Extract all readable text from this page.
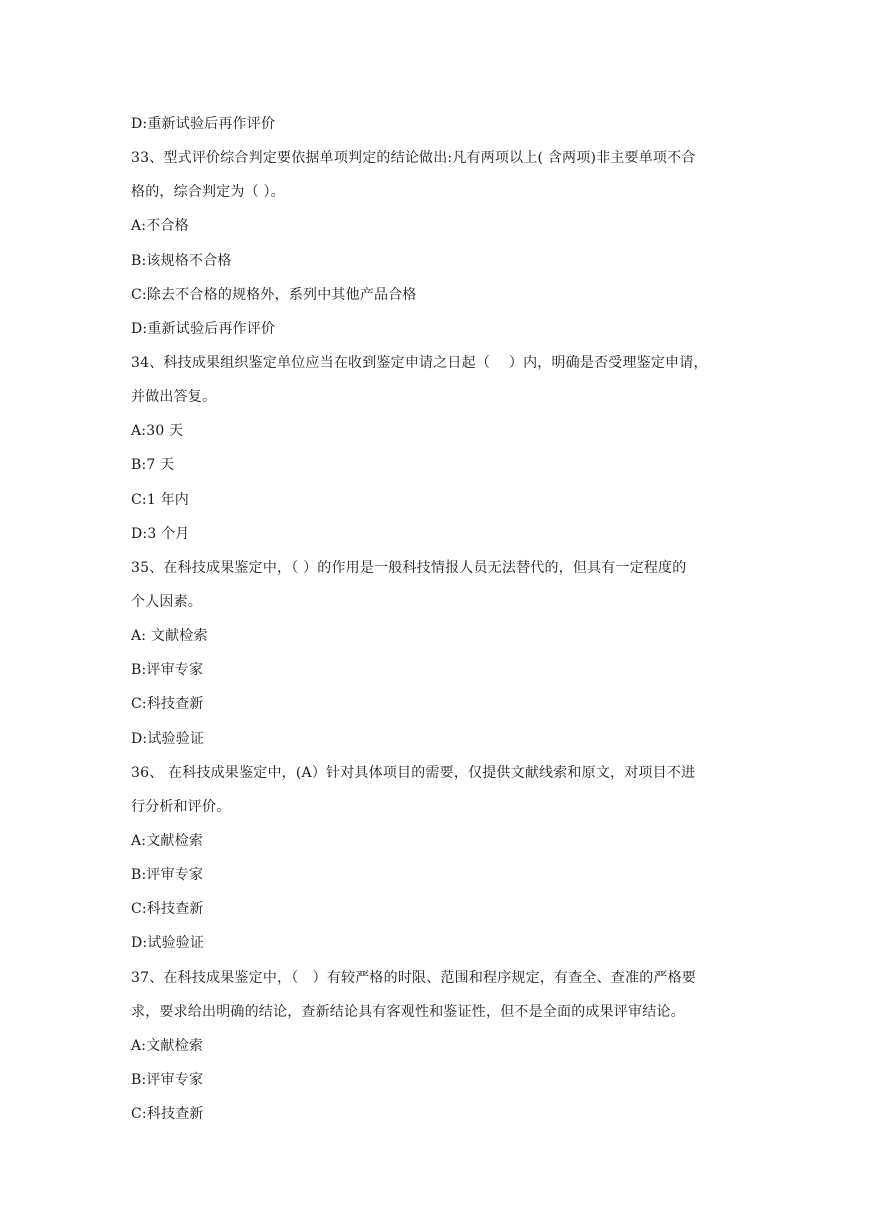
D:重新试验后再作评价
33、型式评价综合判定要依据单项判定的结论做出:凡有两项以上( 含两项)非主要单项不合
格的，综合判定为（ ）。
A:不合格
B:该规格不合格
C:除去不合格的规格外，系列中其他产品合格
D:重新试验后再作评价
34、科技成果组织鉴定单位应当在收到鉴定申请之日起（　 ）内，明确是否受理鉴定申请，
并做出答复。
A:30 天
B:7 天
C:1 年内
D:3 个月
35、在科技成果鉴定中，（ ）的作用是一般科技情报人员无法替代的，但具有一定程度的
个人因素。
A: 文献检索
B:评审专家
C:科技查新
D:试验验证
36、 在科技成果鉴定中，(A）针对具体项目的需要，仅提供文献线索和原文，对项目不进
行分析和评价。
A:文献检索
B:评审专家
C:科技查新
D:试验验证
37、在科技成果鉴定中，（　）有较严格的时限、范围和程序规定，有查全、查准的严格要
求，要求给出明确的结论，查新结论具有客观性和鉴证性，但不是全面的成果评审结论。
A:文献检索
B:评审专家
C:科技查新
